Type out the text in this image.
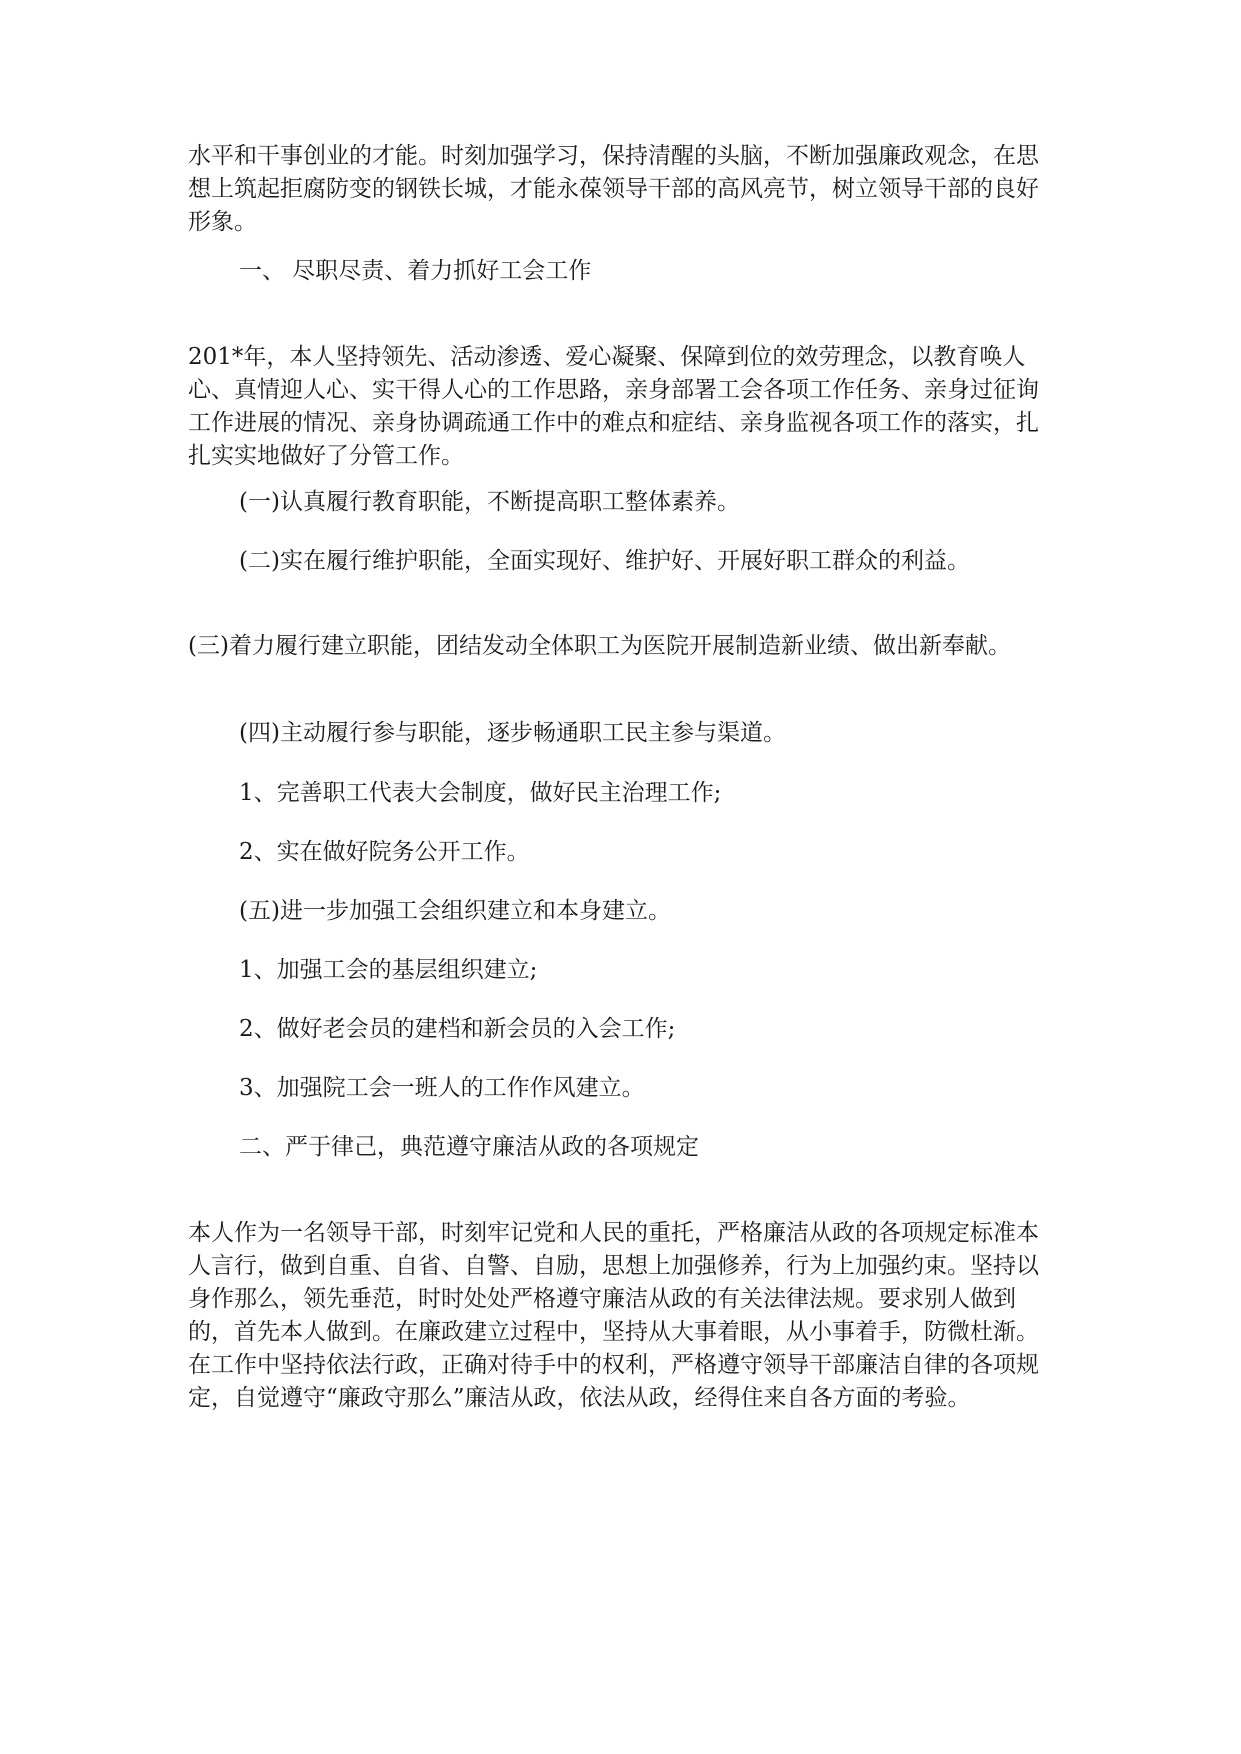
水平和干事创业的才能。时刻加强学习，保持清醒的头脑，不断加强廉政观念，在思想上筑起拒腐防变的钢铁长城，才能永葆领导干部的高风亮节，树立领导干部的良好形象。

一、 尽职尽责、着力抓好工会工作

201*年，本人坚持领先、活动渗透、爱心凝聚、保障到位的效劳理念，以教育唤人心、真情迎人心、实干得人心的工作思路，亲身部署工会各项工作任务、亲身过征询工作进展的情况、亲身协调疏通工作中的难点和症结、亲身监视各项工作的落实，扎扎实实地做好了分管工作。

(一)认真履行教育职能，不断提高职工整体素养。

(二)实在履行维护职能，全面实现好、维护好、开展好职工群众的利益。

(三)着力履行建立职能，团结发动全体职工为医院开展制造新业绩、做出新奉献。

(四)主动履行参与职能，逐步畅通职工民主参与渠道。

1、完善职工代表大会制度，做好民主治理工作;

2、实在做好院务公开工作。

(五)进一步加强工会组织建立和本身建立。

1、加强工会的基层组织建立;

2、做好老会员的建档和新会员的入会工作;

3、加强院工会一班人的工作作风建立。

二、严于律己，典范遵守廉洁从政的各项规定

本人作为一名领导干部，时刻牢记党和人民的重托，严格廉洁从政的各项规定标准本人言行，做到自重、自省、自警、自励，思想上加强修养，行为上加强约束。坚持以身作那么，领先垂范，时时处处严格遵守廉洁从政的有关法律法规。要求别人做到的，首先本人做到。在廉政建立过程中，坚持从大事着眼，从小事着手，防微杜渐。在工作中坚持依法行政，正确对待手中的权利，严格遵守领导干部廉洁自律的各项规定，自觉遵守“廉政守那么”廉洁从政，依法从政，经得住来自各方面的考验。
